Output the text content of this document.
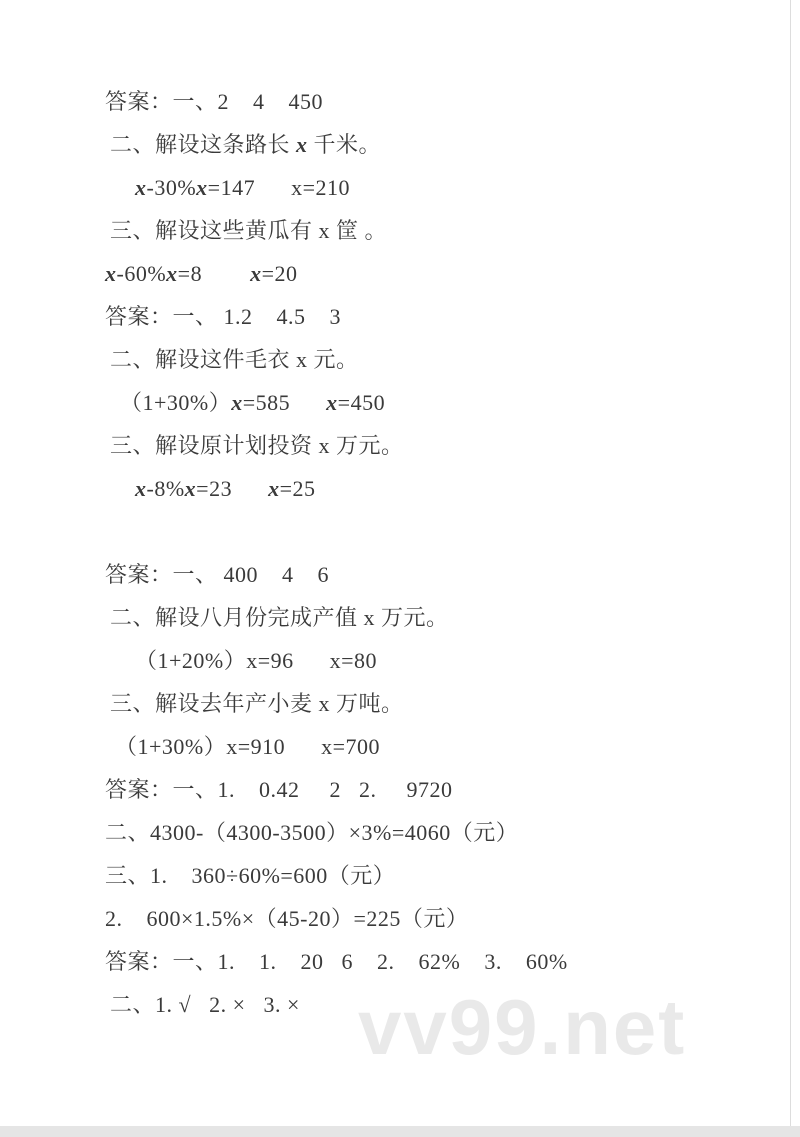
答案：一、2    4    450

二、解设这条路长 x 千米。

x-30%x=147      x=210

三、解设这些黄瓜有 x 筐 。

x-60%x=8        x=20

答案：一、 1.2    4.5    3

二、解设这件毛衣 x 元。

（1+30%）x=585      x=450

三、解设原计划投资 x 万元。

x-8%x=23      x=25

答案：一、 400    4    6

二、解设八月份完成产值 x 万元。

（1+20%）x=96      x=80

三、解设去年产小麦 x 万吨。

（1+30%）x=910      x=700

答案：一、1.    0.42     2   2.     9720

二、4300-（4300-3500）×3%=4060（元）

三、1.    360÷60%=600（元）

2.    600×1.5%×（45-20）=225（元）

答案：一、1.    1.    20   6    2.    62%    3.    60%

二、1. √   2. ×   3. × vv99.net
